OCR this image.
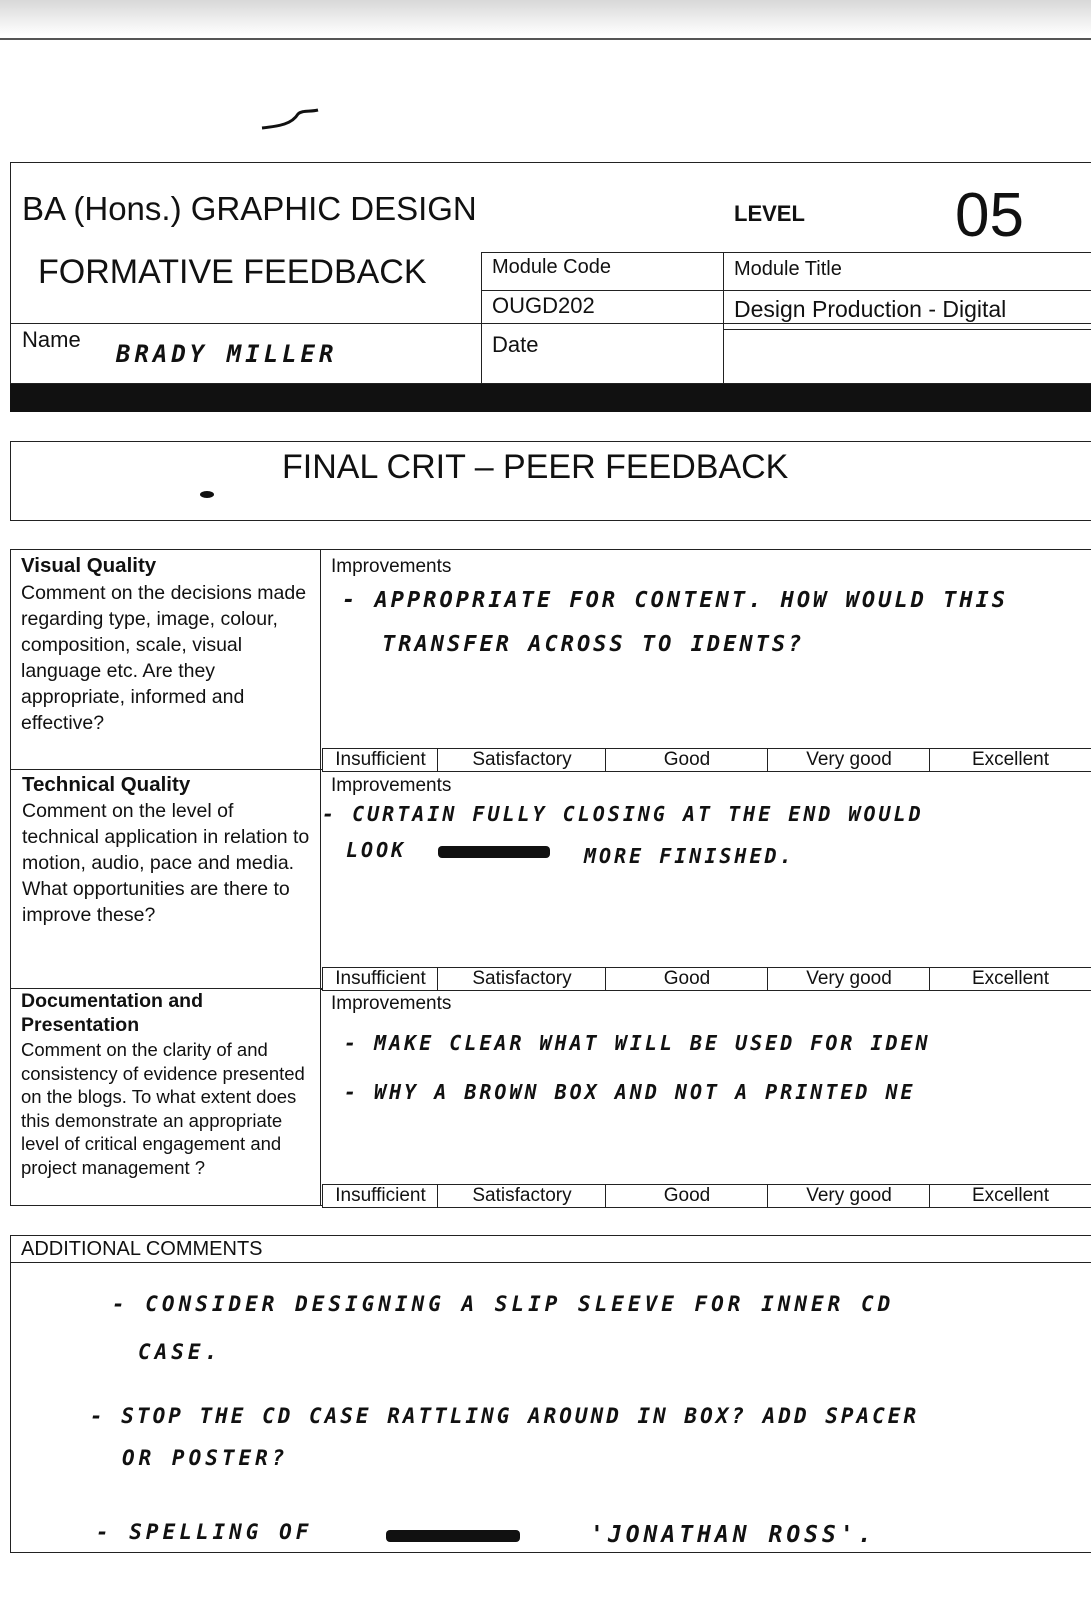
BA (Hons.) GRAPHIC DESIGN	LEVEL 05
FORMATIVE FEEDBACK	Module Code	Module Title
OUGD202	Design Production - Digital
Name
BRADY MILLER	Date
FINAL CRIT – PEER FEEDBACK
Visual Quality
Comment on the decisions made regarding type, image, colour, composition, scale, visual language etc. Are they appropriate, informed and effective?
Improvements
- APPROPRIATE FOR CONTENT. HOW WOULD THIS
TRANSFER ACROSS TO IDENTS?
Insufficient	Satisfactory	Good	Very good	Excellent
Technical Quality
Comment on the level of technical application in relation to motion, audio, pace and media. What opportunities are there to improve these?
Improvements
- CURTAIN FULLY CLOSING AT THE END WOULD
LOOK	MORE FINISHED.
Insufficient	Satisfactory	Good	Very good	Excellent
Documentation and Presentation
Comment on the clarity of and consistency of evidence presented on the blogs. To what extent does this demonstrate an appropriate level of critical engagement and project management ?
Improvements
- MAKE CLEAR WHAT WILL BE USED FOR IDEN
- WHY A BROWN BOX AND NOT A PRINTED NE
Insufficient	Satisfactory	Good	Very good	Excellent
ADDITIONAL COMMENTS
- CONSIDER DESIGNING A SLIP SLEEVE FOR INNER CD
CASE.
- STOP THE CD CASE RATTLING AROUND IN BOX? ADD SPACER
OR POSTER?
- SPELLING OF	'JONATHAN ROSS'.
